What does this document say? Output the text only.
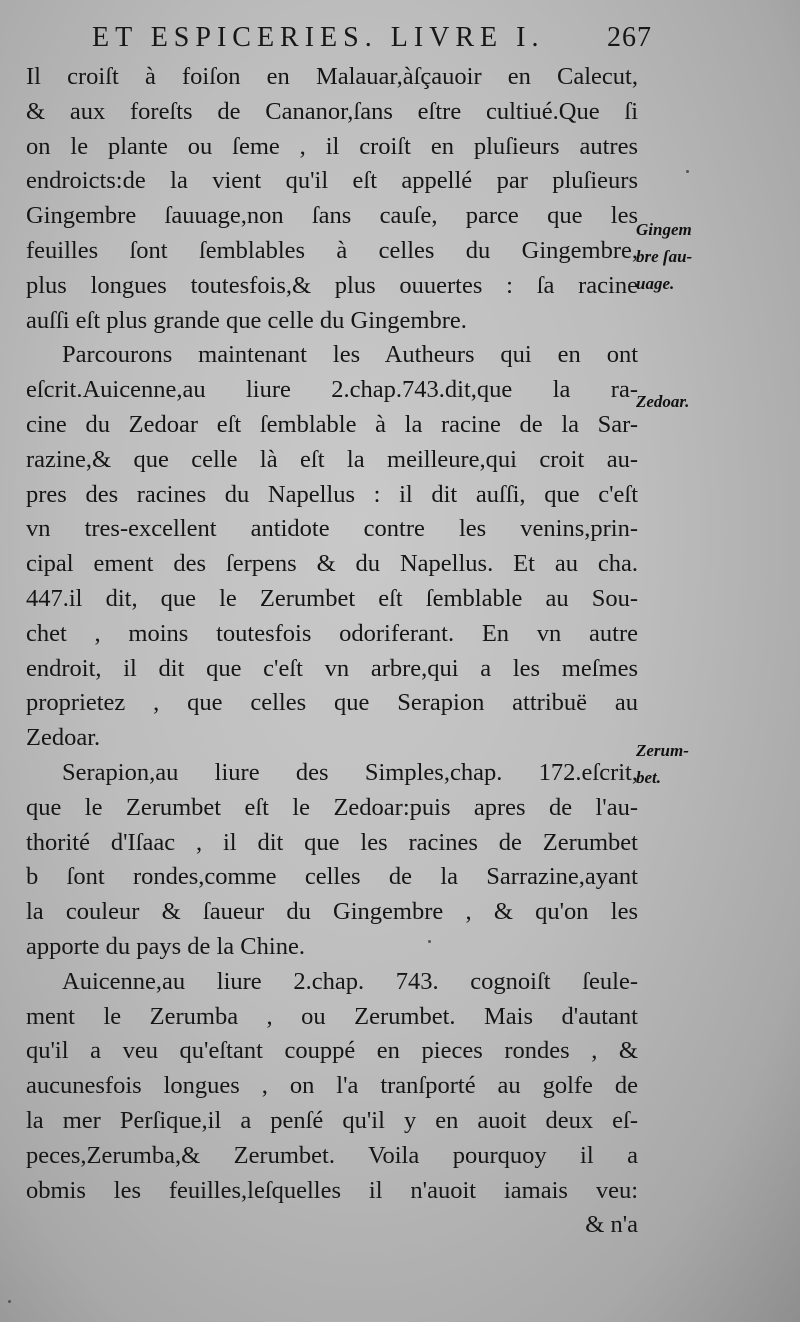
ET ESPICERIES. LIVRE I. 267
Il croiſt à foiſon en Malauar,àſçauoir en Calecut,
& aux foreſts de Cananor,ſans eſtre cultiué.Que ſi
on le plante ou ſeme , il croiſt en pluſieurs autres
endroicts:de la vient qu'il eſt appellé par pluſieurs
Gingembre ſauuage,non ſans cauſe, parce que les
feuilles ſont ſemblables à celles du Gingembre,
plus longues toutesfois,& plus ouuertes : ſa racine
auſſi eſt plus grande que celle du Gingembre.
Parcourons maintenant les Autheurs qui en ont
eſcrit.Auicenne,au liure 2.chap.743.dit,que la ra-
cine du Zedoar eſt ſemblable à la racine de la Sar-
razine,& que celle là eſt la meilleure,qui croit au-
pres des racines du Napellus : il dit auſſi, que c'eſt
vn tres-excellent antidote contre les venins,prin-
cipal ement des ſerpens & du Napellus. Et au cha.
447.il dit, que le Zerumbet eſt ſemblable au Sou-
chet , moins toutesfois odoriferant. En vn autre
endroit, il dit que c'eſt vn arbre,qui a les meſmes
proprietez , que celles que Serapion attribuë au
Zedoar.
Serapion,au liure des Simples,chap. 172.eſcrit,
que le Zerumbet eſt le Zedoar:puis apres de l'au-
thorité d'Iſaac , il dit que les racines de Zerumbet
b ſont rondes,comme celles de la Sarrazine,ayant
la couleur & ſaueur du Gingembre , & qu'on les
apporte du pays de la Chine.
Auicenne,au liure 2.chap. 743. cognoiſt ſeule-
ment le Zerumba , ou Zerumbet. Mais d'autant
qu'il a veu qu'eſtant couppé en pieces rondes , &
aucunesfois longues , on l'a tranſporté au golfe de
la mer Perſique,il a penſé qu'il y en auoit deux eſ-
peces,Zerumba,& Zerumbet. Voila pourquoy il a
obmis les feuilles,leſquelles il n'auoit iamais veu:
& n'a
Gingem
bre ſau-
uage.
Zedoar.
Zerum-
bet.
